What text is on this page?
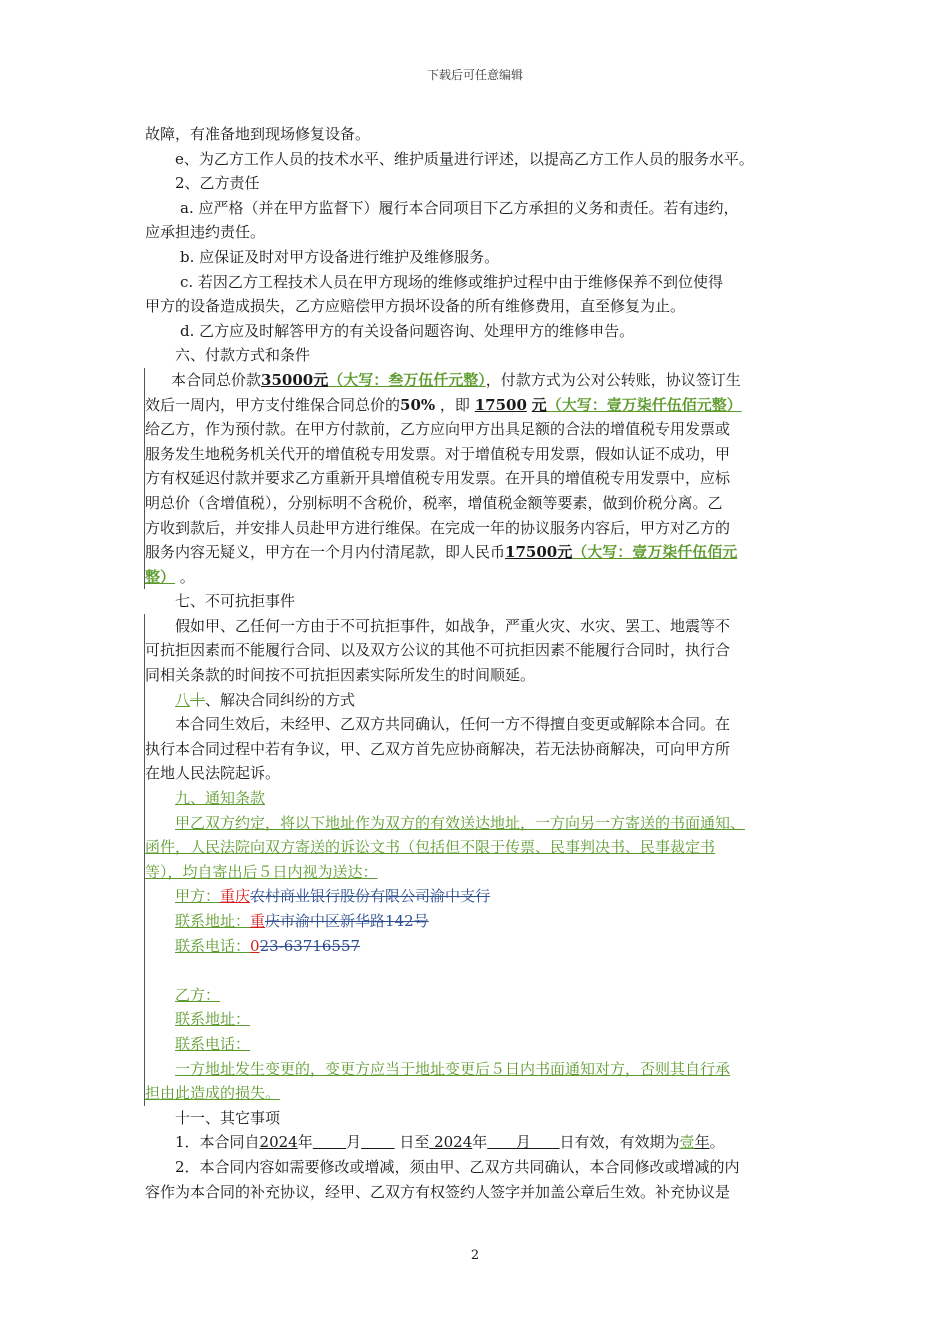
下载后可任意编辑

故障，有准备地到现场修复设备。

e、为乙方工作人员的技术水平、维护质量进行评述，以提高乙方工作人员的服务水平。

2、乙方责任

a. 应严格（并在甲方监督下）履行本合同项目下乙方承担的义务和责任。若有违约，

应承担违约责任。

b. 应保证及时对甲方设备进行维护及维修服务。

c. 若因乙方工程技术人员在甲方现场的维修或维护过程中由于维修保养不到位使得

甲方的设备造成损失，乙方应赔偿甲方损坏设备的所有维修费用，直至修复为止。

d. 乙方应及时解答甲方的有关设备问题咨询、处理甲方的维修申告。

六、付款方式和条件

本合同总价款35000元（大写：叁万伍仟元整），付款方式为公对公转账，协议签订生

效后一周内，甲方支付维保合同总价的50% ，即 17500 元（大写：壹万柒仟伍佰元整）

给乙方，作为预付款。在甲方付款前，乙方应向甲方出具足额的合法的增值税专用发票或

服务发生地税务机关代开的增值税专用发票。对于增值税专用发票，假如认证不成功，甲

方有权延迟付款并要求乙方重新开具增值税专用发票。在开具的增值税专用发票中，应标

明总价（含增值税），分别标明不含税价，税率，增值税金额等要素，做到价税分离。乙

方收到款后，并安排人员赴甲方进行维保。在完成一年的协议服务内容后，甲方对乙方的

服务内容无疑义，甲方在一个月内付清尾款，即人民币17500元（大写：壹万柒仟伍佰元

整） 。

七、不可抗拒事件

假如甲、乙任何一方由于不可抗拒事件，如战争，严重火灾、水灾、罢工、地震等不

可抗拒因素而不能履行合同、以及双方公议的其他不可抗拒因素不能履行合同时，执行合

同相关条款的时间按不可抗拒因素实际所发生的时间顺延。

八十、解决合同纠纷的方式

本合同生效后，未经甲、乙双方共同确认，任何一方不得擅自变更或解除本合同。在

执行本合同过程中若有争议，甲、乙双方首先应协商解决，若无法协商解决，可向甲方所

在地人民法院起诉。

九、通知条款

甲乙双方约定，将以下地址作为双方的有效送达地址，一方向另一方寄送的书面通知、

函件，人民法院向双方寄送的诉讼文书（包括但不限于传票、民事判决书、民事裁定书

等），均自寄出后５日内视为送达：

甲方：重庆农村商业银行股份有限公司渝中支行

联系地址：重庆市渝中区新华路142号

联系电话：023-63716557

乙方：

联系地址：

联系电话：

一方地址发生变更的，变更方应当于地址变更后５日内书面通知对方，否则其自行承

担由此造成的损失。

十一、其它事项

1．本合同自2024年 月        日至 2024年 月 日有效，有效期为壹年。

2．本合同内容如需要修改或增减，须由甲、乙双方共同确认，本合同修改或增减的内

容作为本合同的补充协议，经甲、乙双方有权签约人签字并加盖公章后生效。补充协议是

2
